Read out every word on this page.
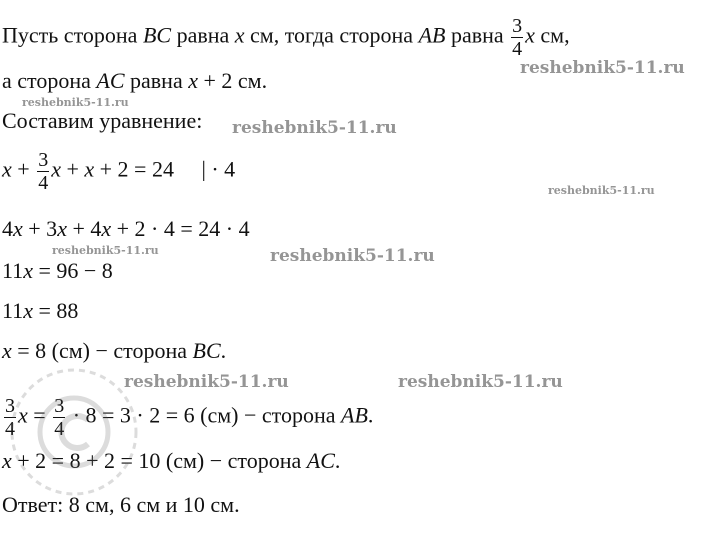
Пусть сторона BC равна x см, тогда сторона AB равна $\frac{3}{4}$ x см,
а сторона AC равна x + 2 см.
Составим уравнение:
$x + \frac{3}{4}$ x + x + 2 = 24     | · 4
4x + 3x + 4x + 2 · 4 = 24 · 4
11x = 96 − 8
11x = 88
x = 8 (см) − сторона BC.
$\frac{3}{4}$ $x = \frac{3}{4} \cdot 8 = 3 \cdot 2 = 6$ (см) − сторона AB.
x + 2 = 8 + 2 = 10 (см) − сторона AC.
Ответ: 8 см, 6 см и 10 см.
reshebnik5-11.ru
reshebnik5-11.ru
reshebnik5-11.ru
reshebnik5-11.ru
reshebnik5-11.ru	reshebnik5-11.ru
reshebnik5-11.ru	reshebnik5-11.ru
